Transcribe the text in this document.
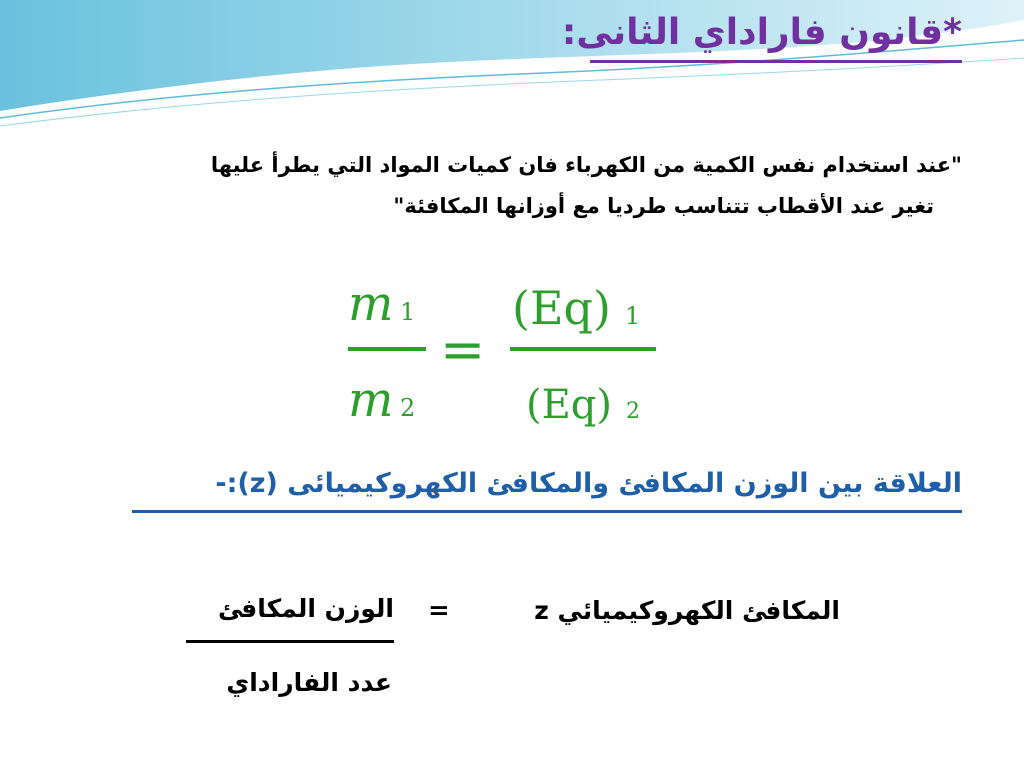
*قانون فاراداي الثانى:
"عند استخدام نفس الكمية من الكهرباء فان كميات المواد التي يطرأ عليها
تغير عند الأقطاب تتناسب طرديا مع أوزانها المكافئة"
m 1
m 2
=
(Eq) 1
(Eq) 2
العلاقة بين الوزن المكافئ والمكافئ الكهروكيميائى (z):-
المكافئ الكهروكيميائي z
=
الوزن المكافئ
عدد الفاراداي
